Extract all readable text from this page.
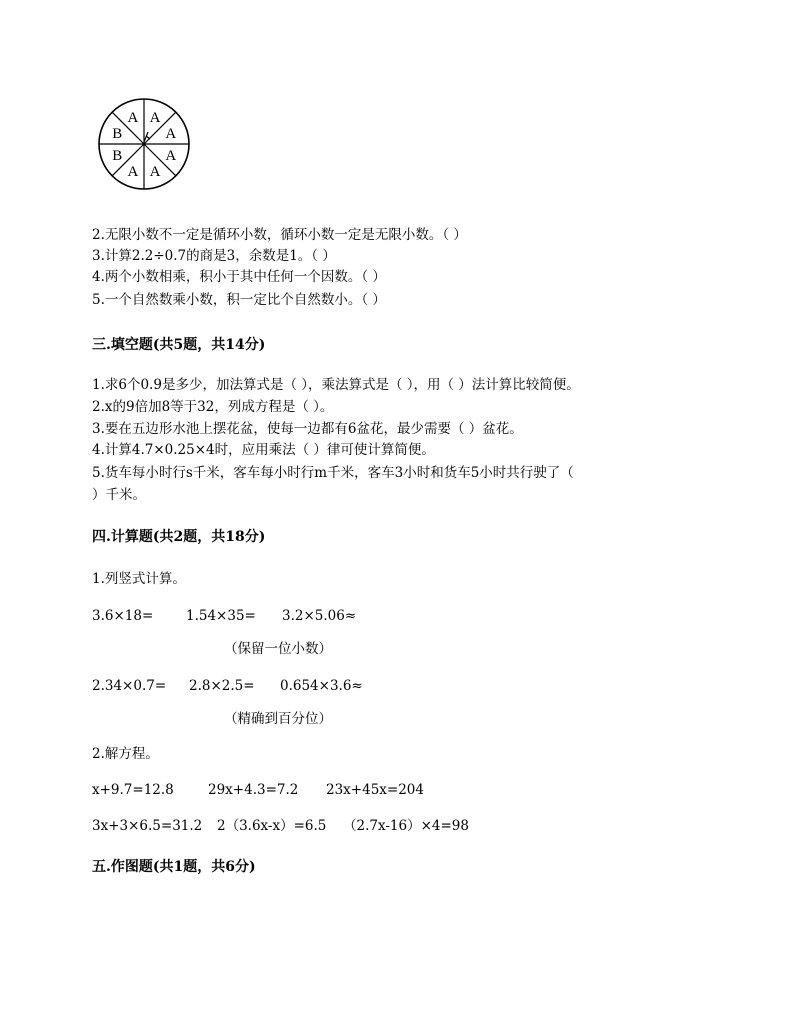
A
A
A
A
A
B
B
A
2.无限小数不一定是循环小数，循环小数一定是无限小数。（ ）
3.计算2.2÷0.7的商是3，余数是1。（ ）
4.两个小数相乘，积小于其中任何一个因数。（ ）
5.一个自然数乘小数，积一定比个自然数小。（ ）
三.填空题(共5题，共14分)
1.求6个0.9是多少，加法算式是（ ），乘法算式是（ ），用（ ）法计算比较简便。
2.x的9倍加8等于32，列成方程是（ ）。
3.要在五边形水池上摆花盆，使每一边都有6盆花，最少需要（ ）盆花。
4.计算4.7×0.25×4时，应用乘法（ ）律可使计算简便。
5.货车每小时行s千米，客车每小时行m千米，客车3小时和货车5小时共行驶了（
）千米。
四.计算题(共2题，共18分)
1.列竖式计算。
3.6×18= 1.54×35= 3.2×5.06≈
（保留一位小数）
2.34×0.7= 2.8×2.5= 0.654×3.6≈
（精确到百分位）
2.解方程。
x+9.7=12.8	29x+4.3=7.2 23x+45x=204
3x+3×6.5=31.2 2（3.6x-x）=6.5 （2.7x-16）×4=98
五.作图题(共1题，共6分)
